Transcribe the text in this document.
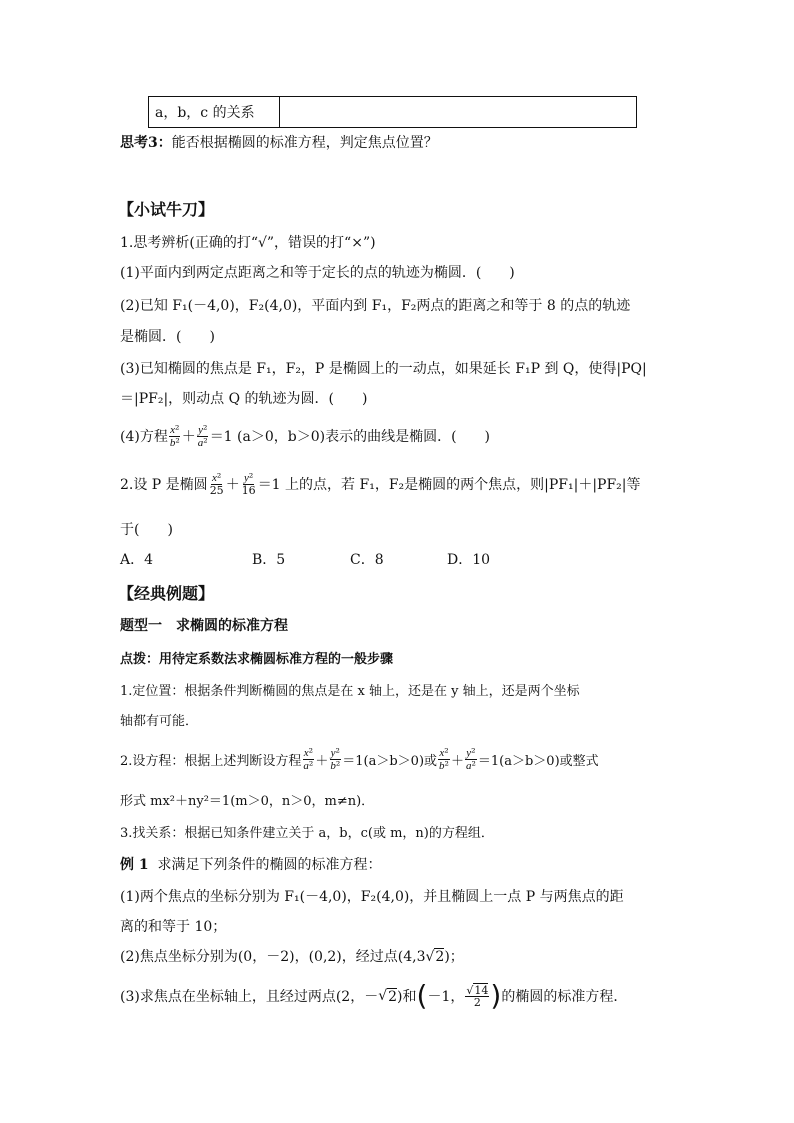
a，b，c 的关系	
思考3：能否根据椭圆的标准方程，判定焦点位置？
【小试牛刀】
1.思考辨析(正确的打“√”，错误的打“×”)
(1)平面内到两定点距离之和等于定长的点的轨迹为椭圆．(　　)
(2)已知 F₁(－4,0)，F₂(4,0)，平面内到 F₁，F₂两点的距离之和等于 8 的点的轨迹
是椭圆．(　　)
(3)已知椭圆的焦点是 F₁，F₂，P 是椭圆上的一动点，如果延长 F₁P 到 Q，使得|PQ|
＝|PF₂|，则动点 Q 的轨迹为圆．(　　)
(4)方程 $\frac{\text{x²}}{\text{b²}} + \frac{\text{y²}}{\text{a²}} =1$ (a＞0，b＞0)表示的曲线是椭圆．(　　)
2.设 P 是椭圆 $\frac{\text{x²}}{25} + \frac{\text{y²}}{16} =1$ 上的点，若 F₁，F₂是椭圆的两个焦点，则|PF₁|＋|PF₂|等
于(　　)
A．4	B．5	C．8	D．10
【经典例题】
题型一　求椭圆的标准方程
点拨：用待定系数法求椭圆标准方程的一般步骤
1.定位置：根据条件判断椭圆的焦点是在 x 轴上，还是在 y 轴上，还是两个坐标
轴都有可能．
2.设方程：根据上述判断设方程 $\frac{\text{x²}}{\text{a²}} + \frac{\text{y²}}{\text{b²}} =1(a>b>0)$或 $\frac{\text{x²}}{\text{b²}} + \frac{\text{y²}}{\text{a²}} =1(a>b>0)$或整式
形式 mx²＋ny²＝1(m＞0，n＞0，m≠n)．
3.找关系：根据已知条件建立关于 a，b，c(或 m，n)的方程组．
例 1 求满足下列条件的椭圆的标准方程：
(1)两个焦点的坐标分别为 F₁(－4,0)，F₂(4,0)，并且椭圆上一点 P 与两焦点的距
离的和等于 10；
(2)焦点坐标分别为(0，－2)，(0,2)，经过点(4,3√2)；
(3)求焦点在坐标轴上，且经过两点(2，－ √ 2 )和 ( －1， $\frac{√14}{2}$ ) 的椭圆的标准方程．
